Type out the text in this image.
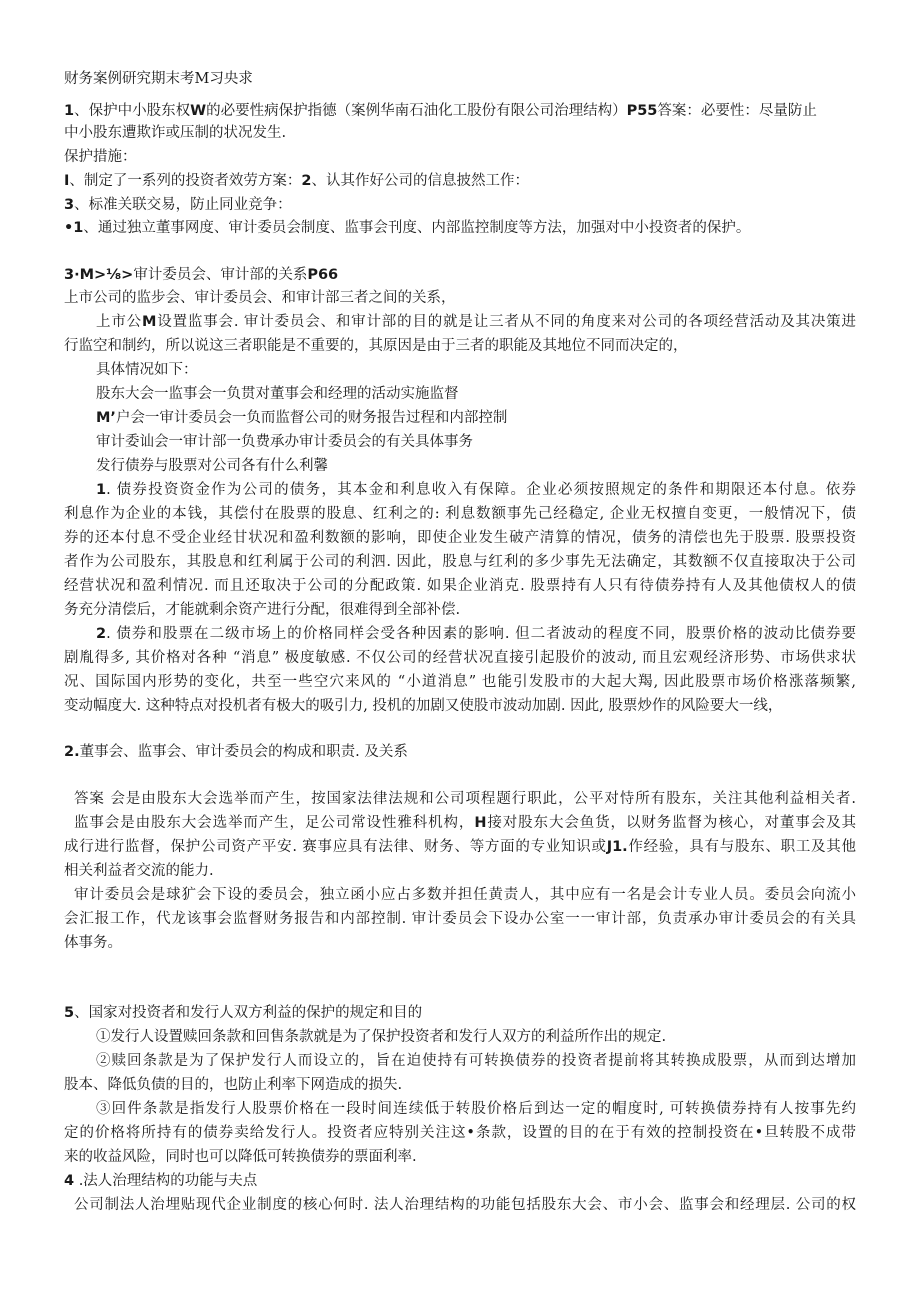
财务案例研究期末考M习央求
1、保护中小股东权W的必要性病保护指德（案例华南石油化工股份有限公司治理结构）P55答案：必要性：尽量防止
中小股东遭欺诈或压制的状况发生.
保护措施：
I、制定了一系列的投资者效劳方案：2、认其作好公司的信息披然工作：
3、标准关联交易，防止同业竞争：
•1、通过独立董事网度、审计委员会制度、监事会刊度、内部监控制度等方法，加强对中小投资者的保护。
3·M>⅛>审计委员会、审计部的关系P66
上市公司的监步会、审计委员会、和审计部三者之间的关系，
上市公M设置监事会. 审计委员会、和审计部的目的就是让三者从不同的角度来对公司的各项经营活动及其决策进
行监空和制约，所以说这三者职能是不重要的，其原因是由于三者的职能及其地位不同而决定的，
具体情况如下：
股东大会一监事会一负贯对董事会和经理的活动实施监督
M’户会一审计委员会一负而监督公司的财务报告过程和内部控制
审计委讪会一审计部一负费承办审计委员会的有关具体事务
发行债券与股票对公司各有什么利馨
1. 债券投资资金作为公司的债务，其本金和利息收入有保障。企业必须按照规定的条件和期限还本付息。依券
利息作为企业的本钱，其偿付在股票的股息、红利之的: 利息数额事先己经稳定, 企业无权擅自变更，一般情况下，债
券的还本付息不受企业经甘状况和盈利数额的影响，即使企业发生破产清算的情况，债务的清偿也先于股票. 股票投资
者作为公司股东，其股息和红利属于公司的利泗. 因此，股息与红利的多少事先无法确定，其数额不仅直接取决于公司
经营状况和盈利情况. 而且还取决于公司的分配政策. 如果企业消克. 股票持有人只有待债券持有人及其他债权人的债
务充分清偿后，才能就剩余资产进行分配，很难得到全部补偿.
2. 债券和股票在二级市场上的价格同样会受各种因素的影响. 但二者波动的程度不同，股票价格的波动比债券要
剧胤得多, 其价格对各种 “消息” 极度敏感. 不仅公司的经营状况直接引起股价的波动, 而且宏观经济形势、市场供求状
况、国际国内形势的变化，共至一些空穴来风的 “小道消息” 也能引发股市的大起大羯, 因此股票市场价格涨落频繁,
变动幅度大. 这种特点对投机者有极大的吸引力, 投机的加剧又使股市波动加剧. 因此, 股票炒作的风险要大一线，
2.董事会、监事会、审计委员会的构成和职责. 及关系
答案 会是由股东大会选举而产生，按国家法律法规和公司项程题行职此，公平对恃所有股东，关注其他利益相关者.
监事会是由股东大会选举而产生，足公司常设性雅科机构，H接对股东大会鱼货，以财务监督为核心，对董事会及其
成行进行监督，保护公司资产平安. 赛事应具有法律、财务、等方面的专业知识或J1.作经验，具有与股东、职工及其他
相关利益者交流的能力.
审计委员会是球犷会下设的委员会，独立函小应占多数并担任黄责人，其中应有一名是会计专业人员。委员会向流小
会汇报工作，代龙该事会监督财务报告和内部控制. 审计委员会下设办公室一一审计部，负责承办审计委员会的有关具
体事务。
5、国家对投资者和发行人双方利益的保护的规定和目的
①发行人设置赎回条款和回售条款就是为了保护投资者和发行人双方的利益所作出的规定.
②赎回条款是为了保护发行人而设立的，旨在迫使持有可转换债券的投资者提前将其转换成股票，从而到达增加
股本、降低负债的目的，也防止利率下网造成的损失.
③回件条款是指发行人股票价格在一段时间连续低于转股价格后到达一定的帽度时, 可转换债券持有人按事先约
定的价格将所持有的债券卖给发行人。投资者应特别关注这•条款，设置的目的在于有效的控制投资在•旦转股不成带
来的收益风险，同时也可以降低可转换债券的票面利率.
4 .法人治理结构的功能与夫点
公司制法人治埋贴现代企业制度的核心何时. 法人治理结构的功能包括股东大会、市小会、监事会和经理层. 公司的权
